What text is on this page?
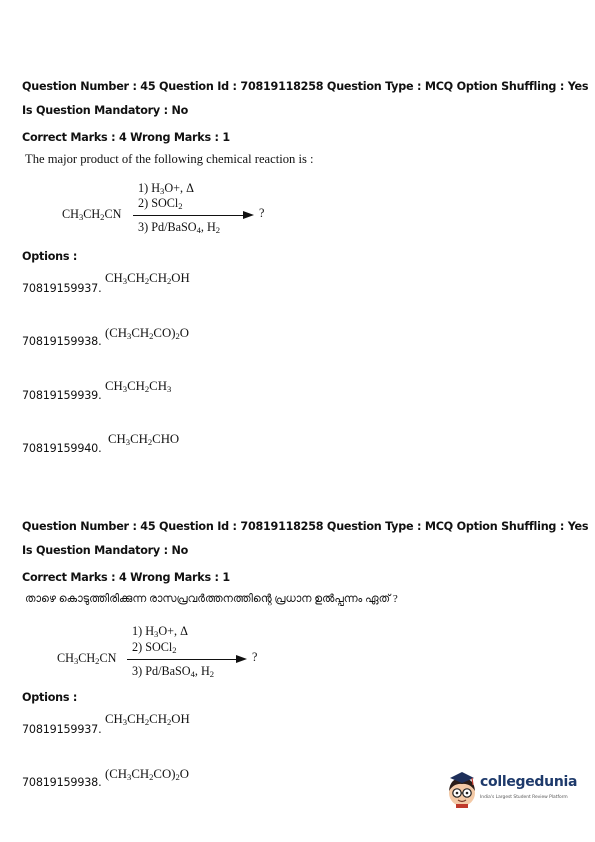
Question Number : 45 Question Id : 70819118258 Question Type : MCQ Option Shuffling : Yes
Is Question Mandatory : No
Correct Marks : 4 Wrong Marks : 1
The major product of the following chemical reaction is :
1) $H_3O+$, Δ
2) SOCl$_2$
$CH_3CH_2CN$	?
3) Pd/BaSO$_4$, $H_2$
Options :
70819159937.
$CH_3CH_2CH_2OH$
70819159938.
$(CH_3CH_2CO)_2O$
70819159939.
$CH_3CH_2CH_3$
70819159940.
$CH_3CH_2CHO$
Question Number : 45 Question Id : 70819118258 Question Type : MCQ Option Shuffling : Yes
Is Question Mandatory : No
Correct Marks : 4 Wrong Marks : 1
താഴെ കൊടുത്തിരിക്കുന്ന രാസപ്രവർത്തനത്തിന്റെ പ്രധാന ഉൽപ്പന്നം ഏത് ?
1) $H_3O+$, Δ
2) SOCl$_2$
$CH_3CH_2CN$	?
3) Pd/BaSO$_4$, $H_2$
Options :
70819159937.
$CH_3CH_2CH_2OH$
70819159938.
$(CH_3CH_2CO)_2O$	collegedunia
India's Largest Student Review Platform
